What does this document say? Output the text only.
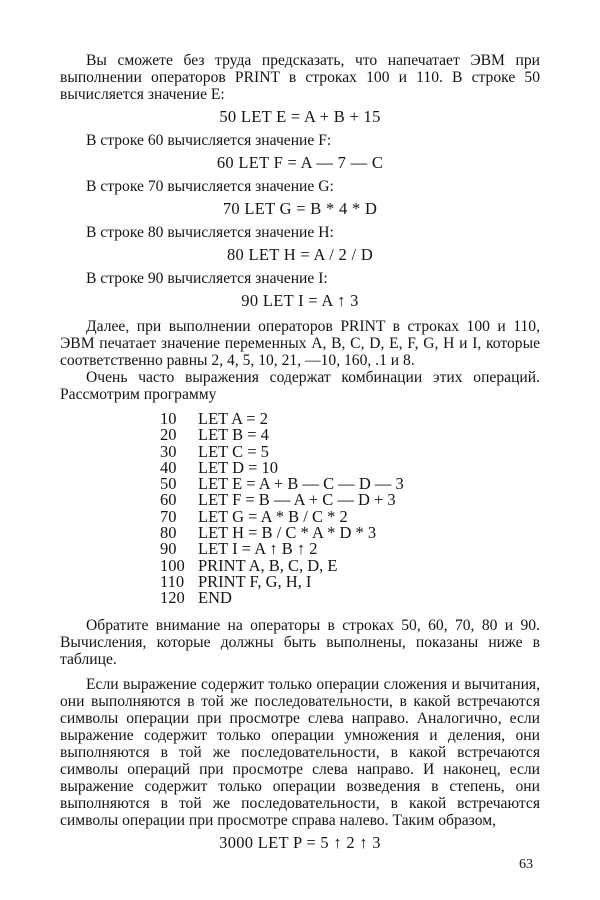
Вы сможете без труда предсказать, что напечатает ЭВМ при выполнении операторов PRINT в строках 100 и 110. В строке 50 вычисляется значение E:

50 LET E = A + B + 15

В строке 60 вычисляется значение F:

60 LET F = A — 7 — C

В строке 70 вычисляется значение G:

70 LET G = B * 4 * D

В строке 80 вычисляется значение H:

80 LET H = A / 2 / D

В строке 90 вычисляется значение I:

90 LET I = A ↑ 3

Далее, при выполнении операторов PRINT в строках 100 и 110, ЭВМ печатает значение переменных A, B, C, D, E, F, G, H и I, которые соответственно равны 2, 4, 5, 10, 21, —10, 160, .1 и 8.

Очень часто выражения содержат комбинации этих операций. Рассмотрим программу

10	LET A = 2
20	LET B = 4
30	LET C = 5
40	LET D = 10
50	LET E = A + B — C — D — 3
60	LET F = B — A + C — D + 3
70	LET G = A * B / C * 2
80	LET H = B / C * A * D * 3
90	LET I = A ↑ B ↑ 2
100 PRINT A, B, C, D, E
110 PRINT F, G, H, I
120 END

Обратите внимание на операторы в строках 50, 60, 70, 80 и 90. Вычисления, которые должны быть выполнены, показаны ниже в таблице.

Если выражение содержит только операции сложения и вычитания, они выполняются в той же последовательности, в какой встречаются символы операции при просмотре слева направо. Аналогично, если выражение содержит только операции умножения и деления, они выполняются в той же последовательности, в какой встречаются символы операций при просмотре слева направо. И наконец, если выражение содержит только операции возведения в степень, они выполняются в той же последовательности, в какой встречаются символы операции при просмотре справа налево. Таким образом,

3000 LET P = 5 ↑ 2 ↑ 3
63
